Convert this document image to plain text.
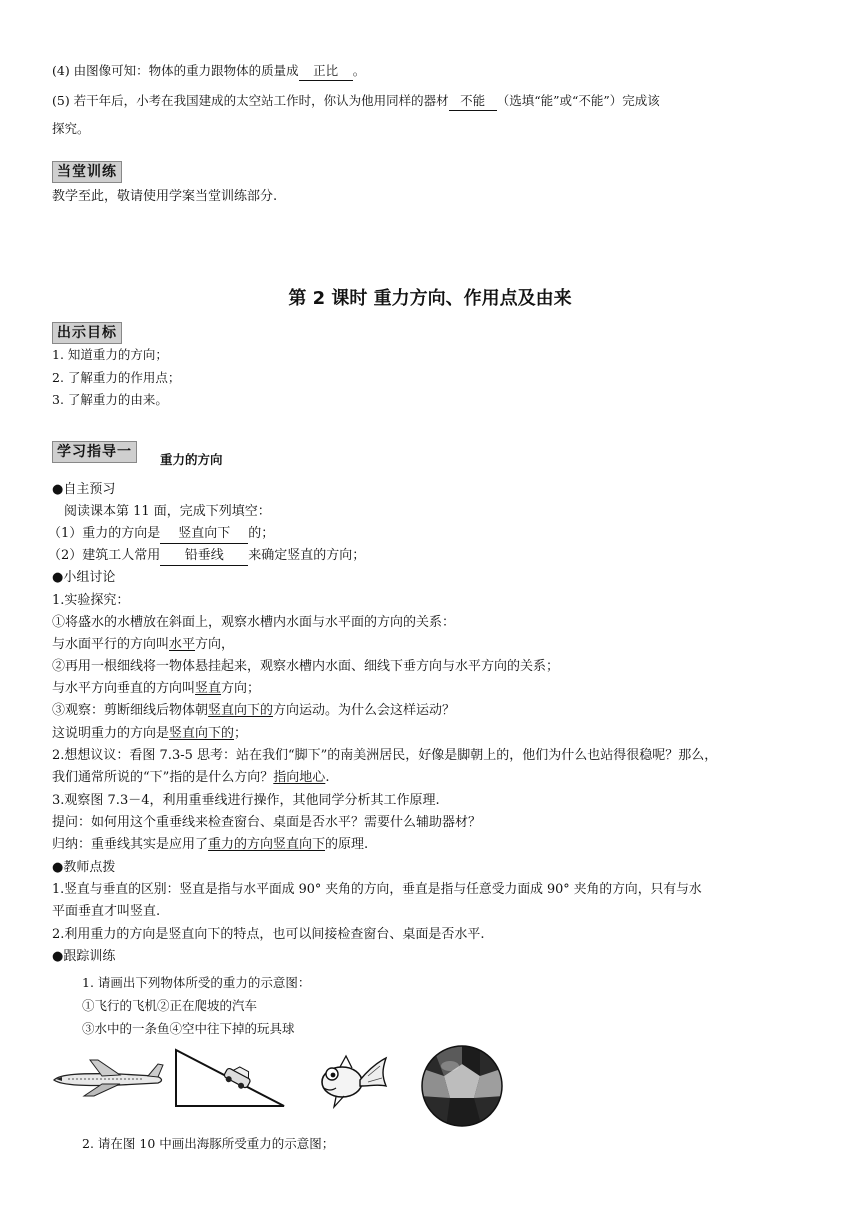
(4) 由图像可知：物体的重力跟物体的质量成 正比 。
(5) 若干年后，小考在我国建成的太空站工作时，你认为他用同样的器材 不能 （选填“能”或“不能”）完成该
探究。
当堂训练
教学至此，敬请使用学案当堂训练部分.
第 2 课时 重力方向、作用点及由来
出示目标
1. 知道重力的方向；
2. 了解重力的作用点；
3. 了解重力的由来。
学习指导一	重力的方向
●自主预习
阅读课本第 11 面，完成下列填空：
（1）重力的方向是 竖直向下 的；
（2）建筑工人常用 铅垂线 来确定竖直的方向；
●小组讨论
1.实验探究：
①将盛水的水槽放在斜面上，观察水槽内水面与水平面的方向的关系：
与水面平行的方向叫水平方向，
②再用一根细线将一物体悬挂起来，观察水槽内水面、细线下垂方向与水平方向的关系；
与水平方向垂直的方向叫竖直方向；
③观察：剪断细线后物体朝竖直向下的方向运动。为什么会这样运动？
这说明重力的方向是竖直向下的；
2.想想议议：看图 7.3-5 思考：站在我们“脚下”的南美洲居民，好像是脚朝上的，他们为什么也站得很稳呢？那么，
我们通常所说的“下”指的是什么方向？指向地心.
3.观察图 7.3－4，利用重垂线进行操作，其他同学分析其工作原理.
提问：如何用这个重垂线来检查窗台、桌面是否水平？需要什么辅助器材？
归纳：重垂线其实是应用了重力的方向竖直向下的原理.
●教师点拨
1.竖直与垂直的区别：竖直是指与水平面成 90° 夹角的方向，垂直是指与任意受力面成 90° 夹角的方向，只有与水
平面垂直才叫竖直.
2.利用重力的方向是竖直向下的特点，也可以间接检查窗台、桌面是否水平.
●跟踪训练
1. 请画出下列物体所受的重力的示意图：
①飞行的飞机②正在爬坡的汽车
③水中的一条鱼④空中往下掉的玩具球
2. 请在图 10 中画出海豚所受重力的示意图；
